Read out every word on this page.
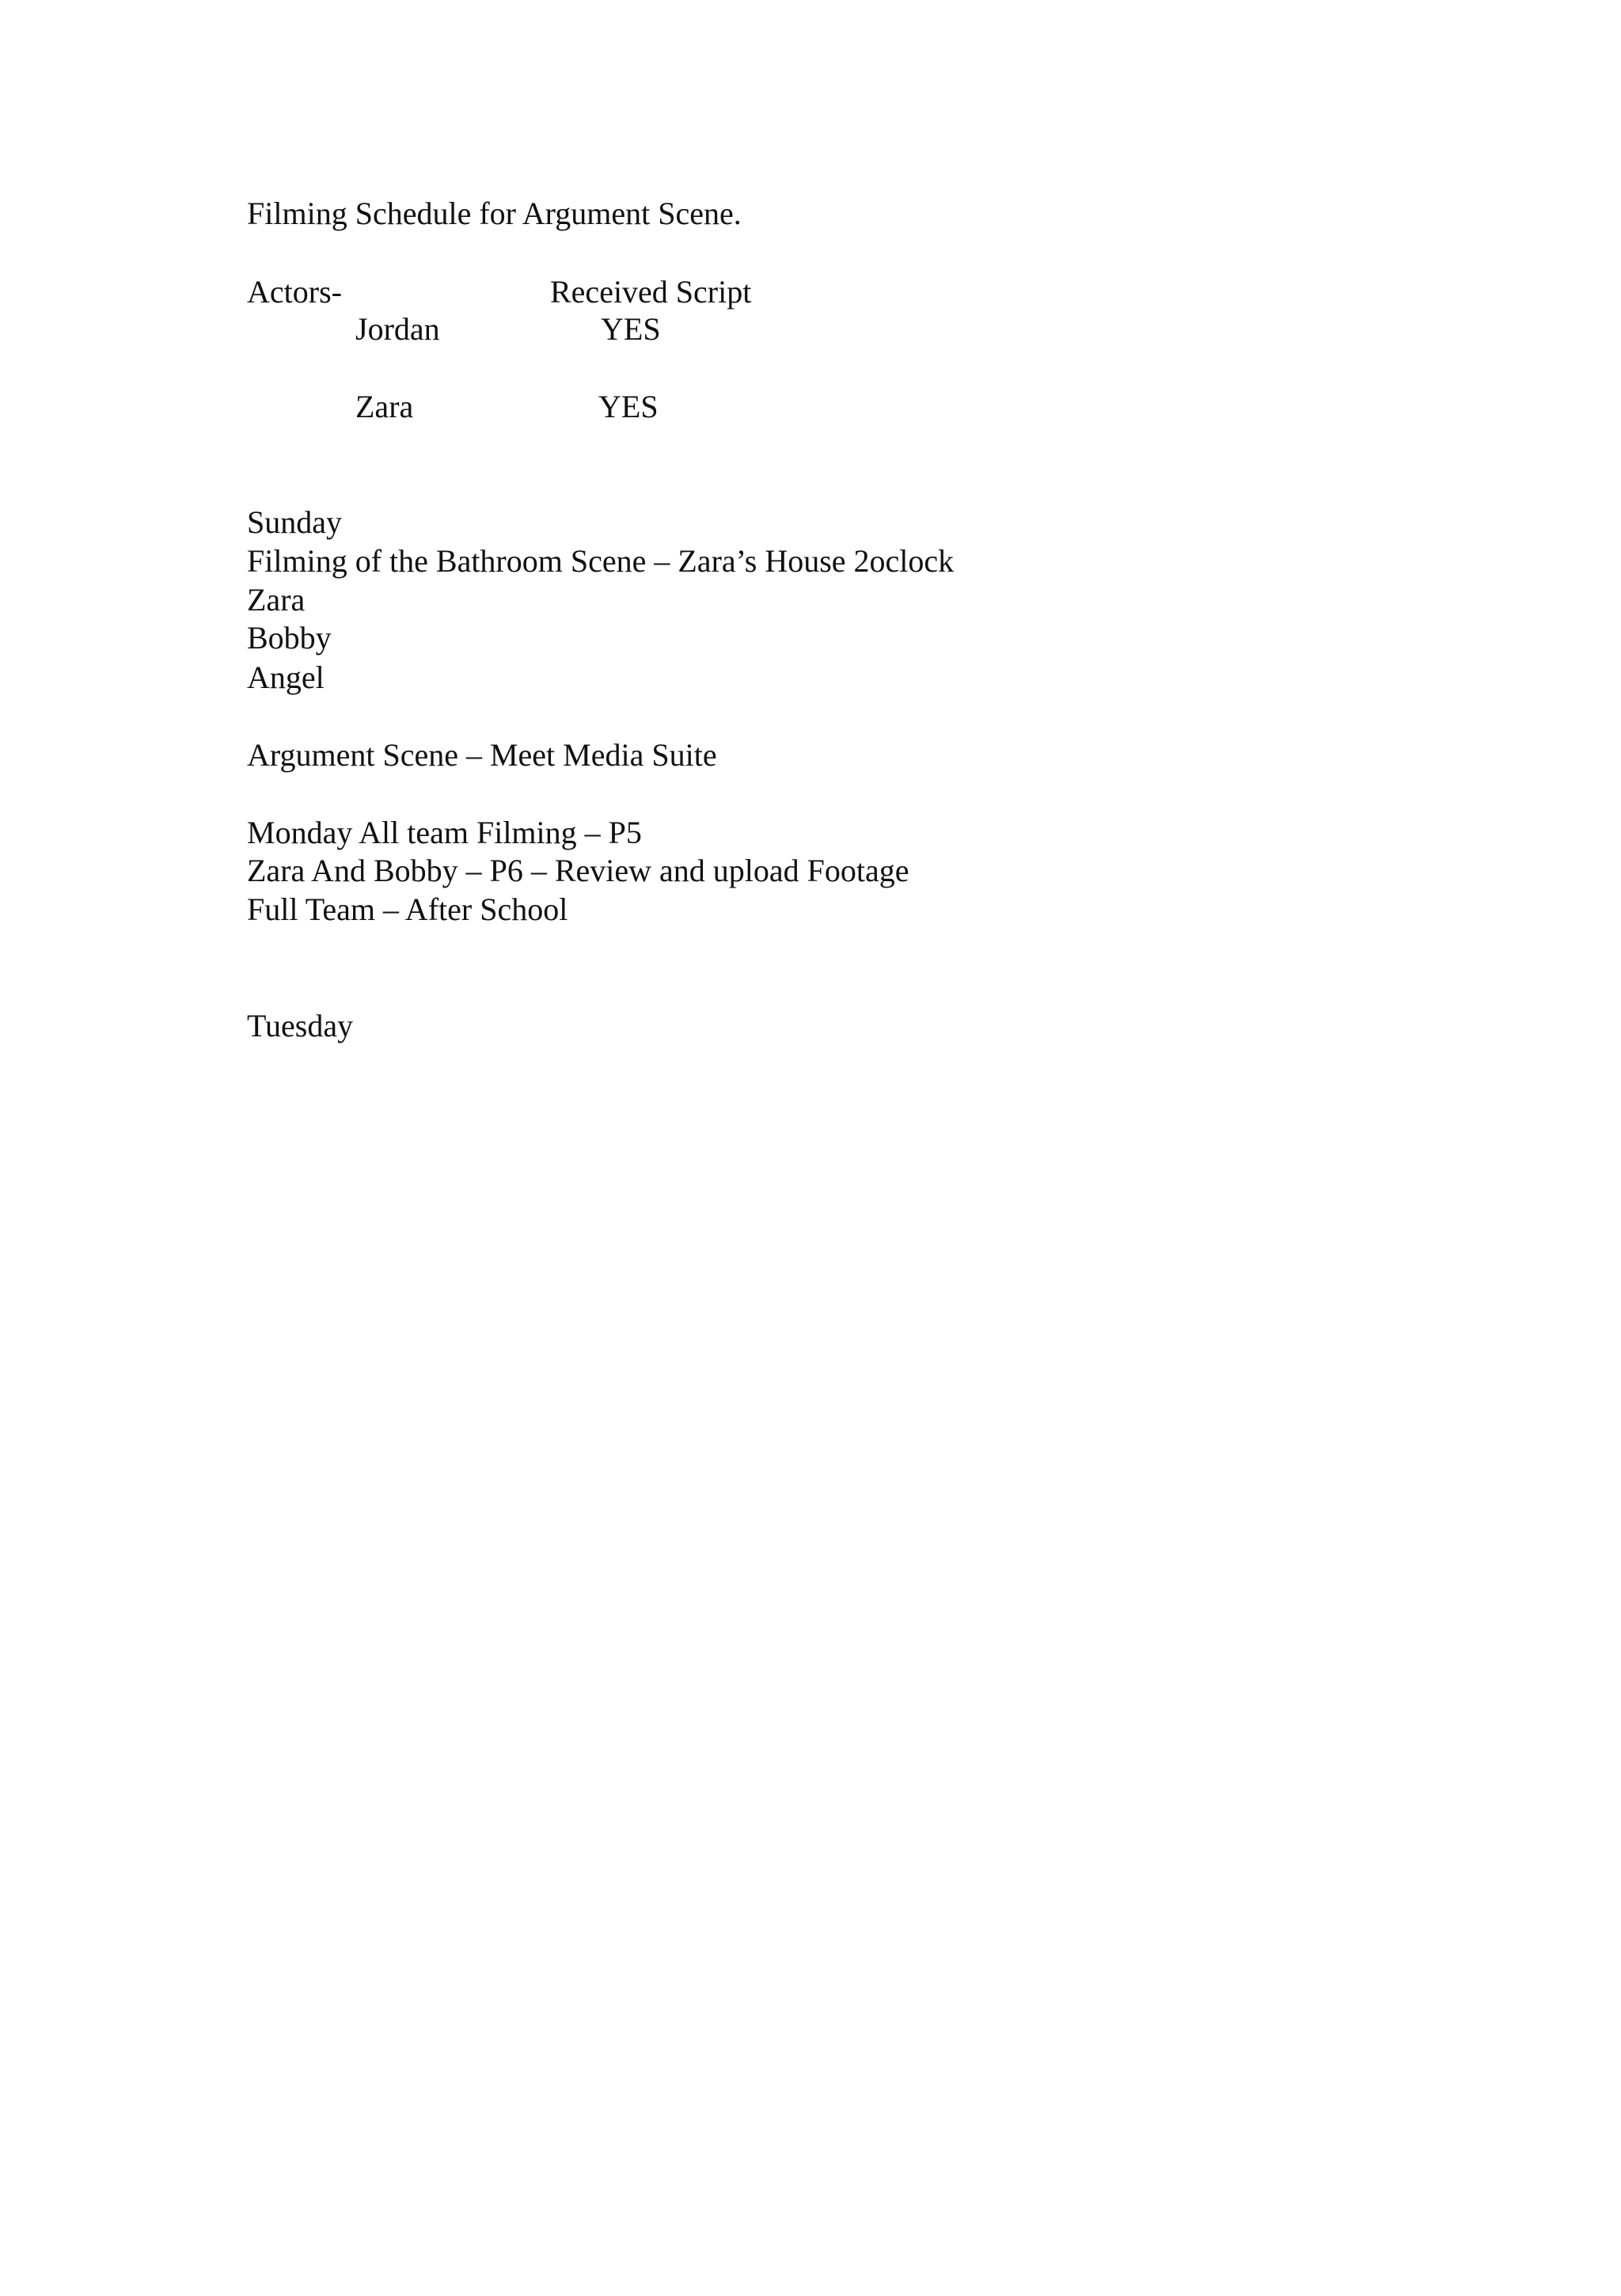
Filming Schedule for Argument Scene.
Actors-	Received Script
Jordan	YES
Zara	YES
Sunday
Filming of the Bathroom Scene – Zara’s House 2oclock
Zara
Bobby
Angel
Argument Scene – Meet Media Suite
Monday All team Filming – P5
Zara And Bobby – P6 – Review and upload Footage
Full Team – After School
Tuesday
